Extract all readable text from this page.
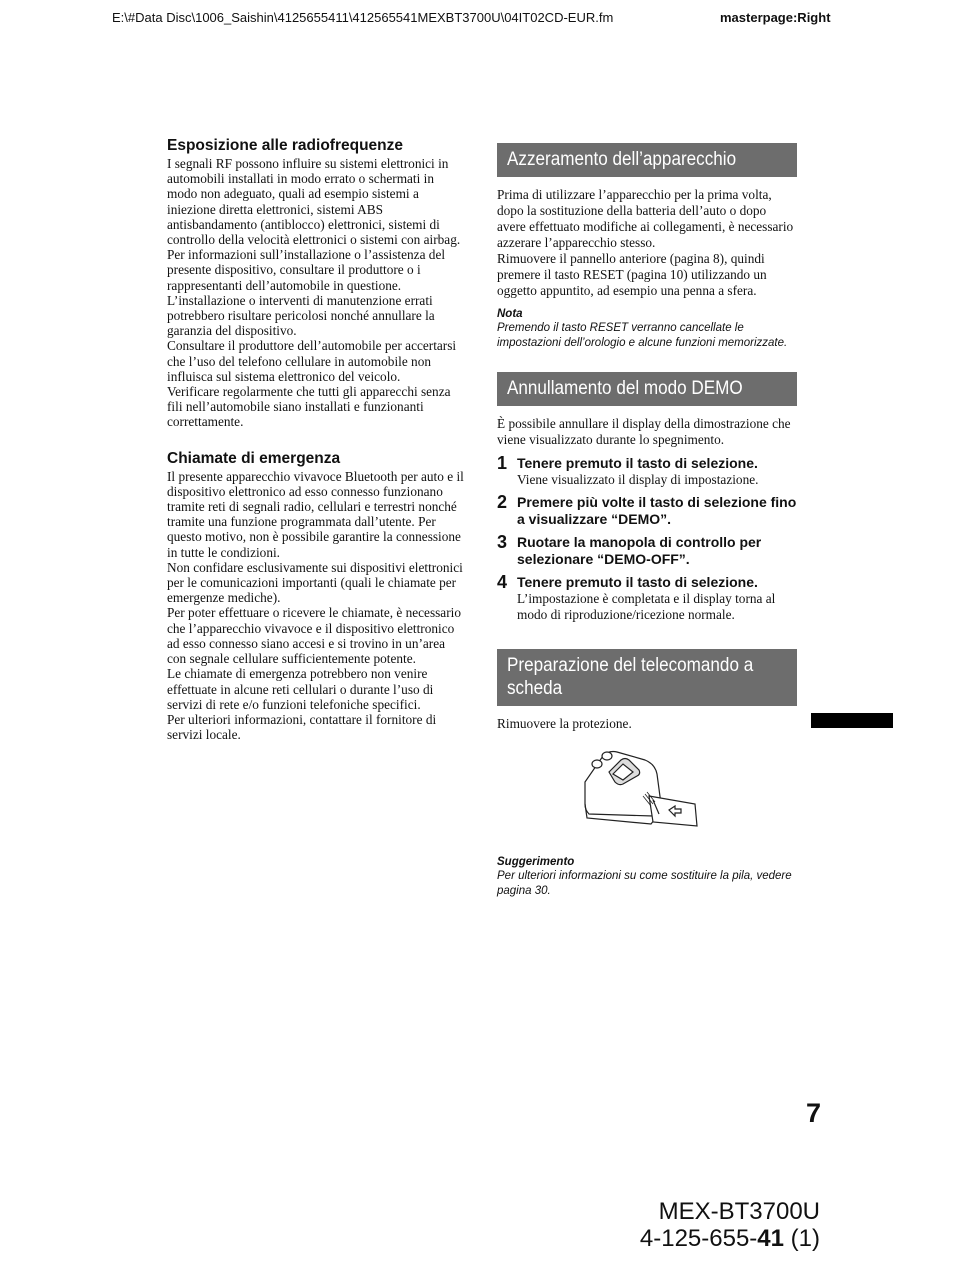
E:\#Data Disc\1006_Saishin\4125655411\412565541MEXBT3700U\04IT02CD-EUR.fm	masterpage:Right
Esposizione alle radiofrequenze

I segnali RF possono influire su sistemi elettronici in automobili installati in modo errato o schermati in modo non adeguato, quali ad esempio sistemi a iniezione diretta elettronici, sistemi ABS antisbandamento (antiblocco) elettronici, sistemi di controllo della velocità elettronici o sistemi con airbag. Per informazioni sull’installazione o l’assistenza del presente dispositivo, consultare il produttore o i rappresentanti dell’automobile in questione. L’installazione o interventi di manutenzione errati potrebbero risultare pericolosi nonché annullare la garanzia del dispositivo.

Consultare il produttore dell’automobile per accertarsi che l’uso del telefono cellulare in automobile non influisca sul sistema elettronico del veicolo.

Verificare regolarmente che tutti gli apparecchi senza fili nell’automobile siano installati e funzionanti correttamente.

Chiamate di emergenza

Il presente apparecchio vivavoce Bluetooth per auto e il dispositivo elettronico ad esso connesso funzionano tramite reti di segnali radio, cellulari e terrestri nonché tramite una funzione programmata dall’utente. Per questo motivo, non è possibile garantire la connessione in tutte le condizioni.

Non confidare esclusivamente sui dispositivi elettronici per le comunicazioni importanti (quali le chiamate per emergenze mediche).

Per poter effettuare o ricevere le chiamate, è necessario che l’apparecchio vivavoce e il dispositivo elettronico ad esso connesso siano accesi e si trovino in un’area con segnale cellulare sufficientemente potente.

Le chiamate di emergenza potrebbero non venire effettuate in alcune reti cellulari o durante l’uso di servizi di rete e/o funzioni telefoniche specifici.

Per ulteriori informazioni, contattare il fornitore di servizi locale.

Azzeramento dell’apparecchio

Prima di utilizzare l’apparecchio per la prima volta, dopo la sostituzione della batteria dell’auto o dopo avere effettuato modifiche ai collegamenti, è necessario azzerare l’apparecchio stesso.

Rimuovere il pannello anteriore (pagina 8), quindi premere il tasto RESET (pagina 10) utilizzando un oggetto appuntito, ad esempio una penna a sfera.

Nota
Premendo il tasto RESET verranno cancellate le impostazioni dell’orologio e alcune funzioni memorizzate.
Annullamento del modo DEMO

È possibile annullare il display della dimostrazione che viene visualizzato durante lo spegnimento.

1 Tenere premuto il tasto di selezione.
Viene visualizzato il display di impostazione.
2 Premere più volte il tasto di selezione fino a visualizzare “DEMO”.
3 Ruotare la manopola di controllo per selezionare “DEMO-OFF”.
4 Tenere premuto il tasto di selezione.
L’impostazione è completata e il display torna al modo di riproduzione/ricezione normale.
Preparazione del telecomando a scheda

Rimuovere la protezione.

Suggerimento
Per ulteriori informazioni su come sostituire la pila, vedere pagina 30.
7
MEX-BT3700U
4-125-655-41 (1)
